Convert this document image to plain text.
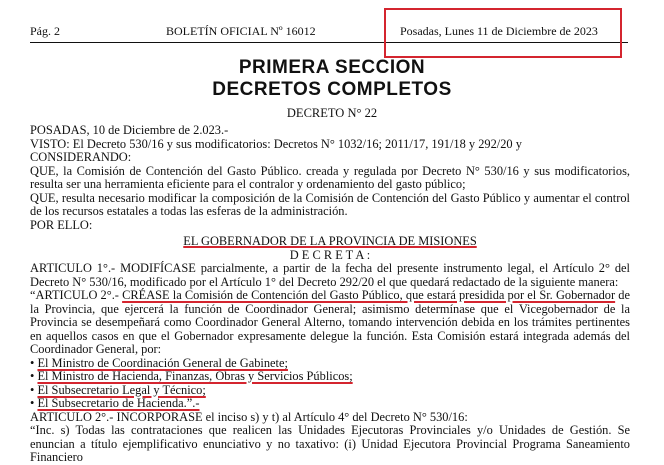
Pág. 2	BOLETÍN OFICIAL Nº 16012	Posadas, Lunes 11 de Diciembre de 2023
PRIMERA SECCION
DECRETOS COMPLETOS
DECRETO N° 22

POSADAS, 10 de Diciembre de 2.023.-

VISTO: El Decreto 530/16 y sus modificatorios: Decretos N° 1032/16; 2011/17, 191/18 y 292/20 y

CONSIDERANDO:

QUE, la Comisión de Contención del Gasto Público. creada y regulada por Decreto N° 530/16 y sus modificatorios, resulta ser una herramienta eficiente para el contralor y ordenamiento del gasto público;

QUE, resulta necesario modificar la composición de la Comisión de Contención del Gasto Público y aumentar el control de los recursos estatales a todas las esferas de la administración.

POR ELLO:

EL GOBERNADOR DE LA PROVINCIA DE MISIONES

D E C R E T A :

ARTICULO 1°.- MODIFÍCASE parcialmente, a partir de la fecha del presente instrumento legal, el Artículo 2° del Decreto N° 530/16, modificado por el Artículo 1° del Decreto 292/20 el que quedará redactado de la siguiente manera:

“ARTICULO 2°.- CRÉASE la Comisión de Contención del Gasto Público, que estará presidida por el Sr. Gobernador de la Provincia, que ejercerá la función de Coordinador General; asimismo determínase que el Vicegobernador de la Provincia se desempeñará como Coordinador General Alterno, tomando intervención debida en los trámites pertinentes en aquellos casos en que el Gobernador expresamente delegue la función. Esta Comisión estará integrada además del Coordinador General, por:

• El Ministro de Coordinación General de Gabinete;

• El Ministro de Hacienda, Finanzas, Obras y Servicios Públicos;

• El Subsecretario Legal y Técnico;

• El Subsecretario de Hacienda.”.-

ARTICULO 2°.- INCORPORASE el inciso s) y t) al Artículo 4° del Decreto N° 530/16:

“Inc. s) Todas las contrataciones que realicen las Unidades Ejecutoras Provinciales y/o Unidades de Gestión. Se enuncian a título ejemplificativo enunciativo y no taxativo: (i) Unidad Ejecutora Provincial Programa Saneamiento Financiero
